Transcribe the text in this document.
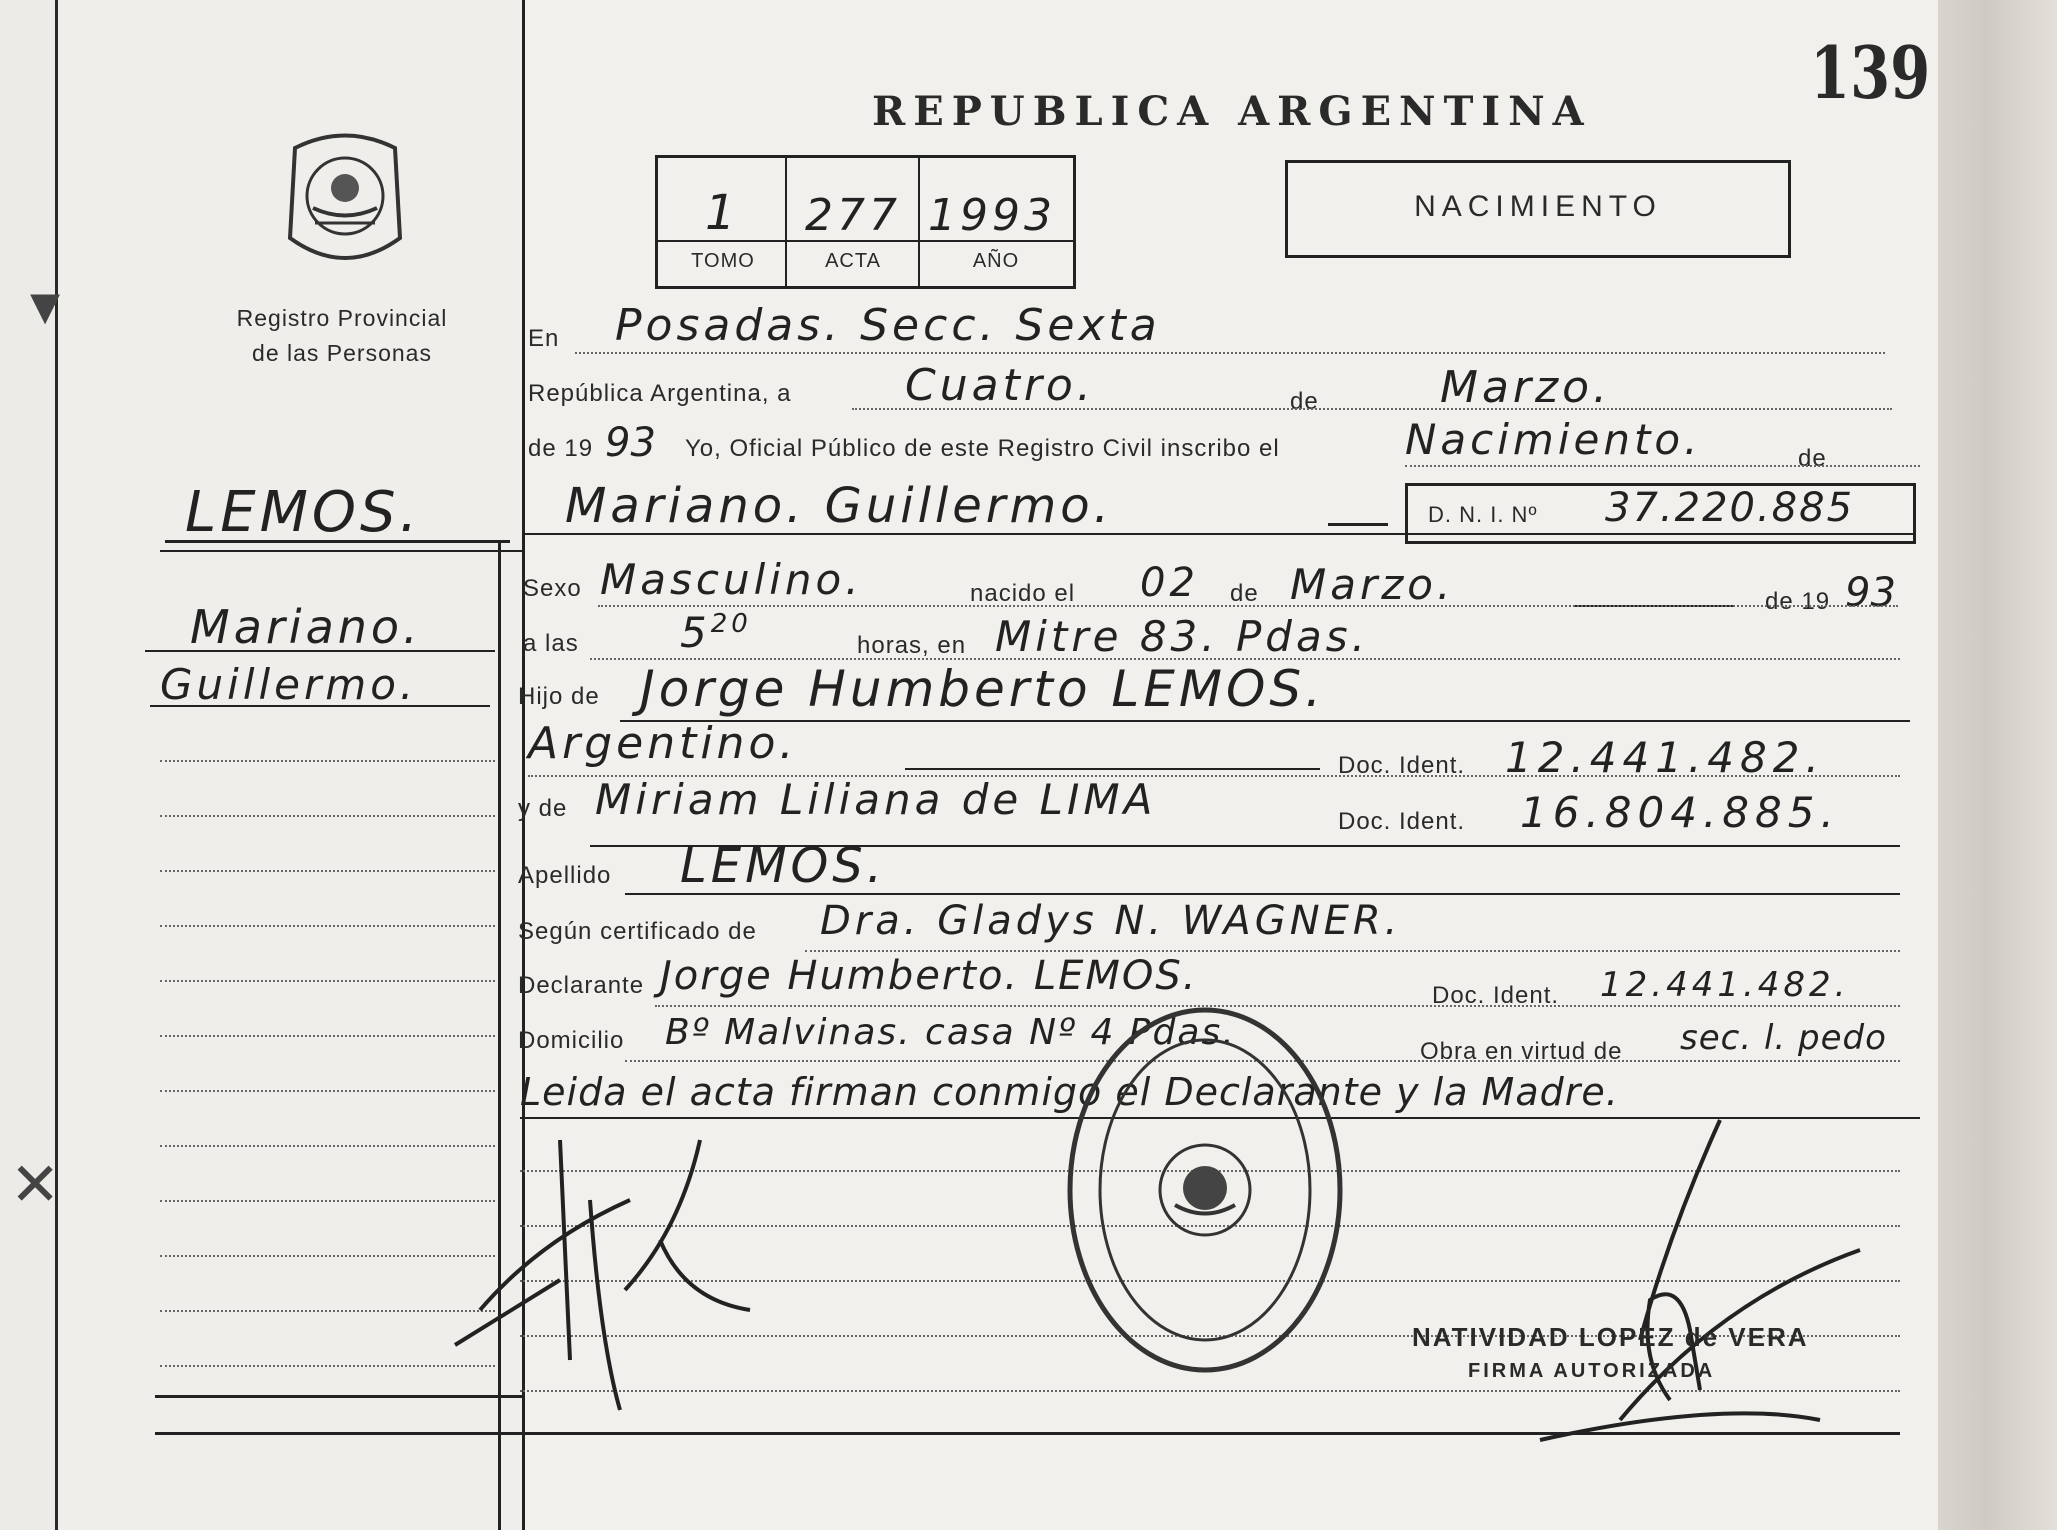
▾
✕
Registro Provincial
de las Personas
REPUBLICA ARGENTINA	139
NACIMIENTO
1 277 1993
TOMO	ACTA	AÑO
LEMOS.
Mariano.
Guillermo.
En Posadas. Secc. Sexta
República Argentina, a	Cuatro.	de	Marzo.
de 19 93 Yo, Oficial Público de este Registro Civil inscribo el	Nacimiento.	de
Mariano. Guillermo.	D. N. I. Nº 37.220.885
Sexo Masculino.	nacido el 02 de Marzo.	de 19 93
a las $5^{20}$
horas, en Mitre 83. Pdas.
Hijo de Jorge Humberto LEMOS.
Argentino.	Doc. Ident. 12.441.482.
y de Miriam Liliana de LIMA	Doc. Ident. 16.804.885.
Apellido LEMOS.
Según certificado de Dra. Gladys N. WAGNER.
Declarante Jorge Humberto. LEMOS.	Doc. Ident. 12.441.482.
Domicilio Bº Malvinas. casa Nº 4 Pdas.	Obra en virtud de sec. l. pedo
Leida el acta firman conmigo el Declarante y la Madre.
NATIVIDAD LOPEZ de VERA
FIRMA AUTORIZADA
